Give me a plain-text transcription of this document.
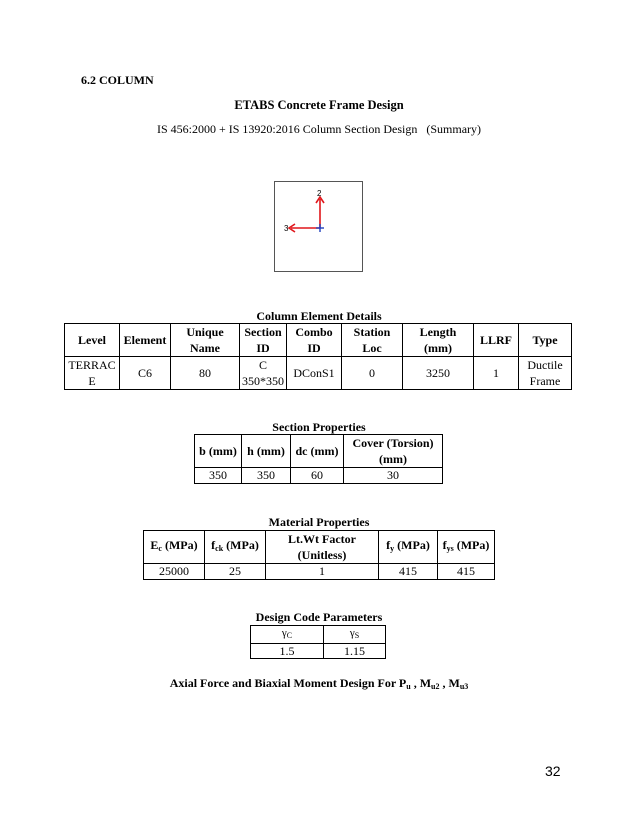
6.2 COLUMN
ETABS Concrete Frame Design
IS 456:2000 + IS 13920:2016 Column Section Design   (Summary)
2
3
Column Element Details
Level	Element	Unique Name	Section ID	Combo ID	Station Loc	Length (mm)	LLRF	Type
TERRACE	C6	80	C 350*350	DConS1	0	3250	1	Ductile Frame
Section Properties
b (mm)	h (mm)	dc (mm)	Cover (Torsion) (mm)
350	350	60	30
Material Properties
$E_c$ (MPa)	$f_{ck}$ (MPa)	Lt.Wt Factor (Unitless)	$f_y$ (MPa)	$f_{ys}$ (MPa)
25000	25	1	415	415
Design Code Parameters
$\gamma_C$	$\gamma_S$
1.5	1.15
Axial Force and Biaxial Moment Design For $P_u$ , $M_{u2}$ , $M_{u3}$
32
